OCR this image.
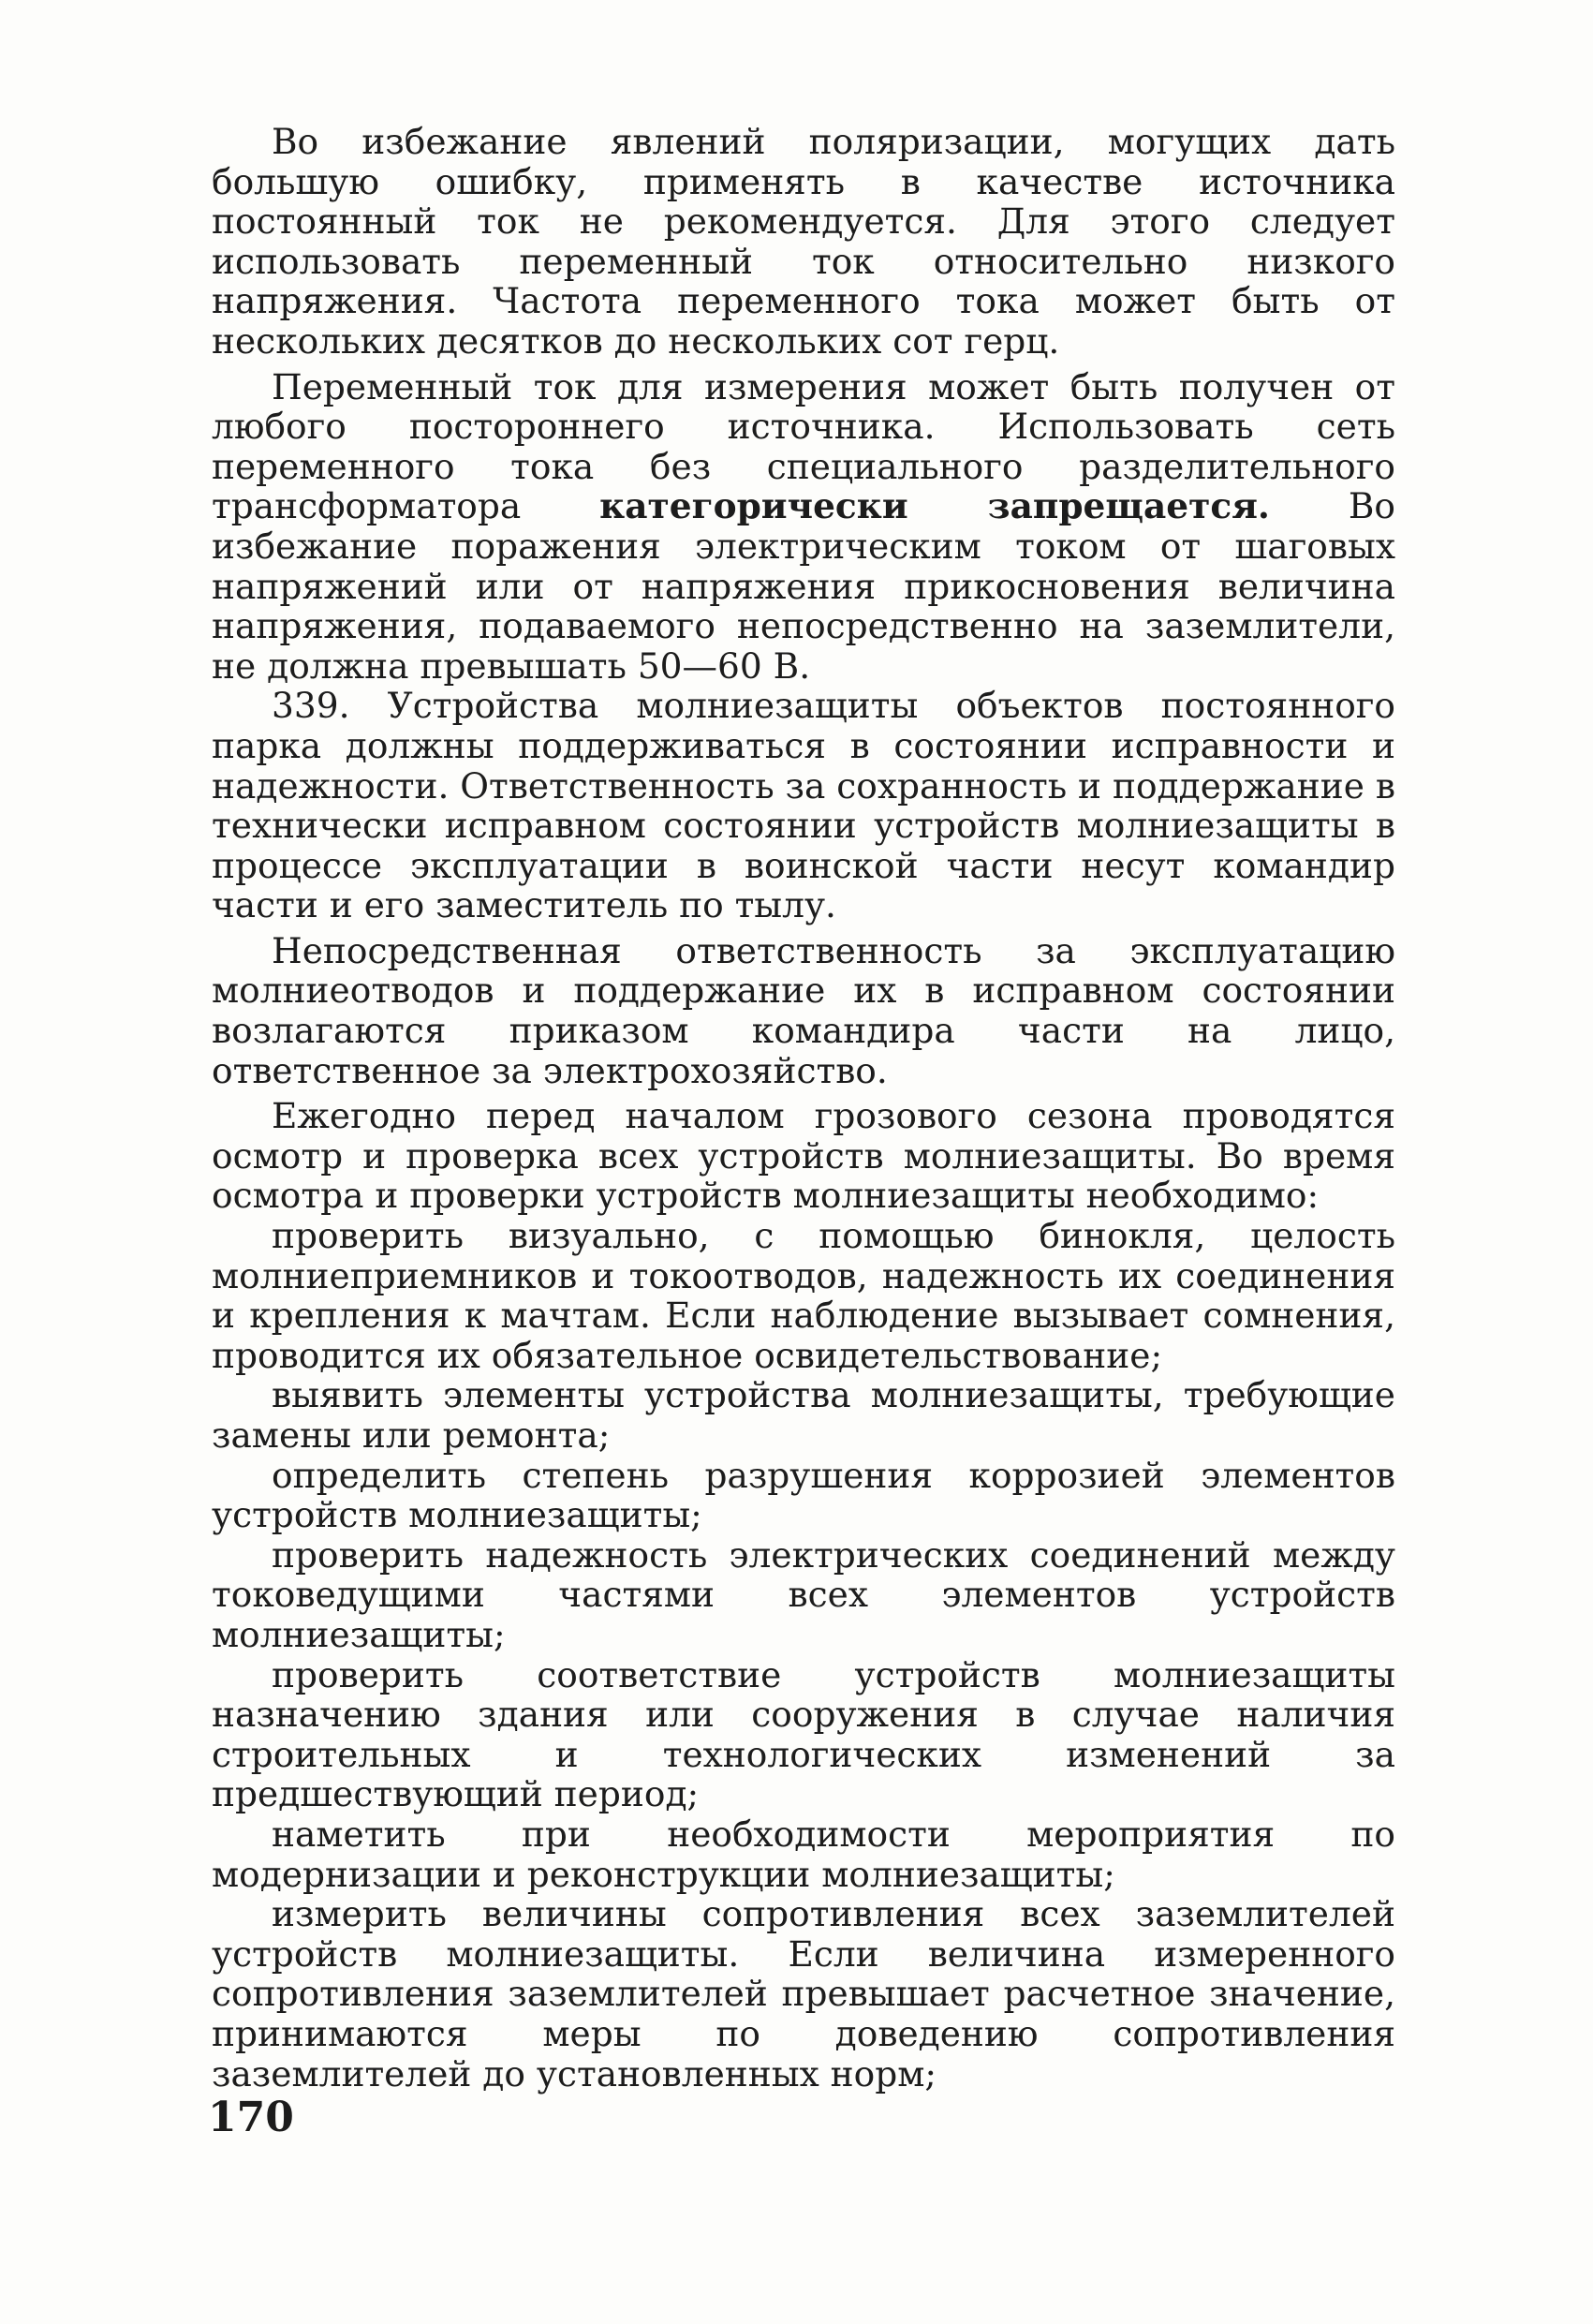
Во избежание явлений поляризации, могущих дать большую ошибку, применять в качестве источника постоянный ток не рекомендуется. Для этого следует использовать переменный ток относительно низкого напряжения. Частота переменного тока может быть от нескольких десятков до нескольких сот герц.

Переменный ток для измерения может быть получен от любого постороннего источника. Использовать сеть переменного тока без специального разделительного трансформатора категорически запрещается. Во избежание поражения электрическим током от шаговых напряжений или от напряжения прикосновения величина напряжения, подаваемого непосредственно на заземлители, не должна превышать 50—60 В.

339. Устройства молниезащиты объектов постоянного парка должны поддерживаться в состоянии исправности и надежности. Ответственность за сохранность и поддержание в технически исправном состоянии устройств молниезащиты в процессе эксплуатации в воинской части несут командир части и его заместитель по тылу.

Непосредственная ответственность за эксплуатацию молниеотводов и поддержание их в исправном состоянии возлагаются приказом командира части на лицо, ответственное за электрохозяйство.

Ежегодно перед началом грозового сезона проводятся осмотр и проверка всех устройств молниезащиты. Во время осмотра и проверки устройств молниезащиты необходимо:

проверить визуально, с помощью бинокля, целость молниеприемников и токоотводов, надежность их соединения и крепления к мачтам. Если наблюдение вызывает сомнения, проводится их обязательное освидетельствование;

выявить элементы устройства молниезащиты, требующие замены или ремонта;

определить степень разрушения коррозией элементов устройств молниезащиты;

проверить надежность электрических соединений между токоведущими частями всех элементов устройств молниезащиты;

проверить соответствие устройств молниезащиты назначению здания или сооружения в случае наличия строительных и технологических изменений за предшествующий период;

наметить при необходимости мероприятия по модернизации и реконструкции молниезащиты;

измерить величины сопротивления всех заземлителей устройств молниезащиты. Если величина измеренного сопротивления заземлителей превышает расчетное значение, принимаются меры по доведению сопротивления заземлителей до установленных норм;

170
